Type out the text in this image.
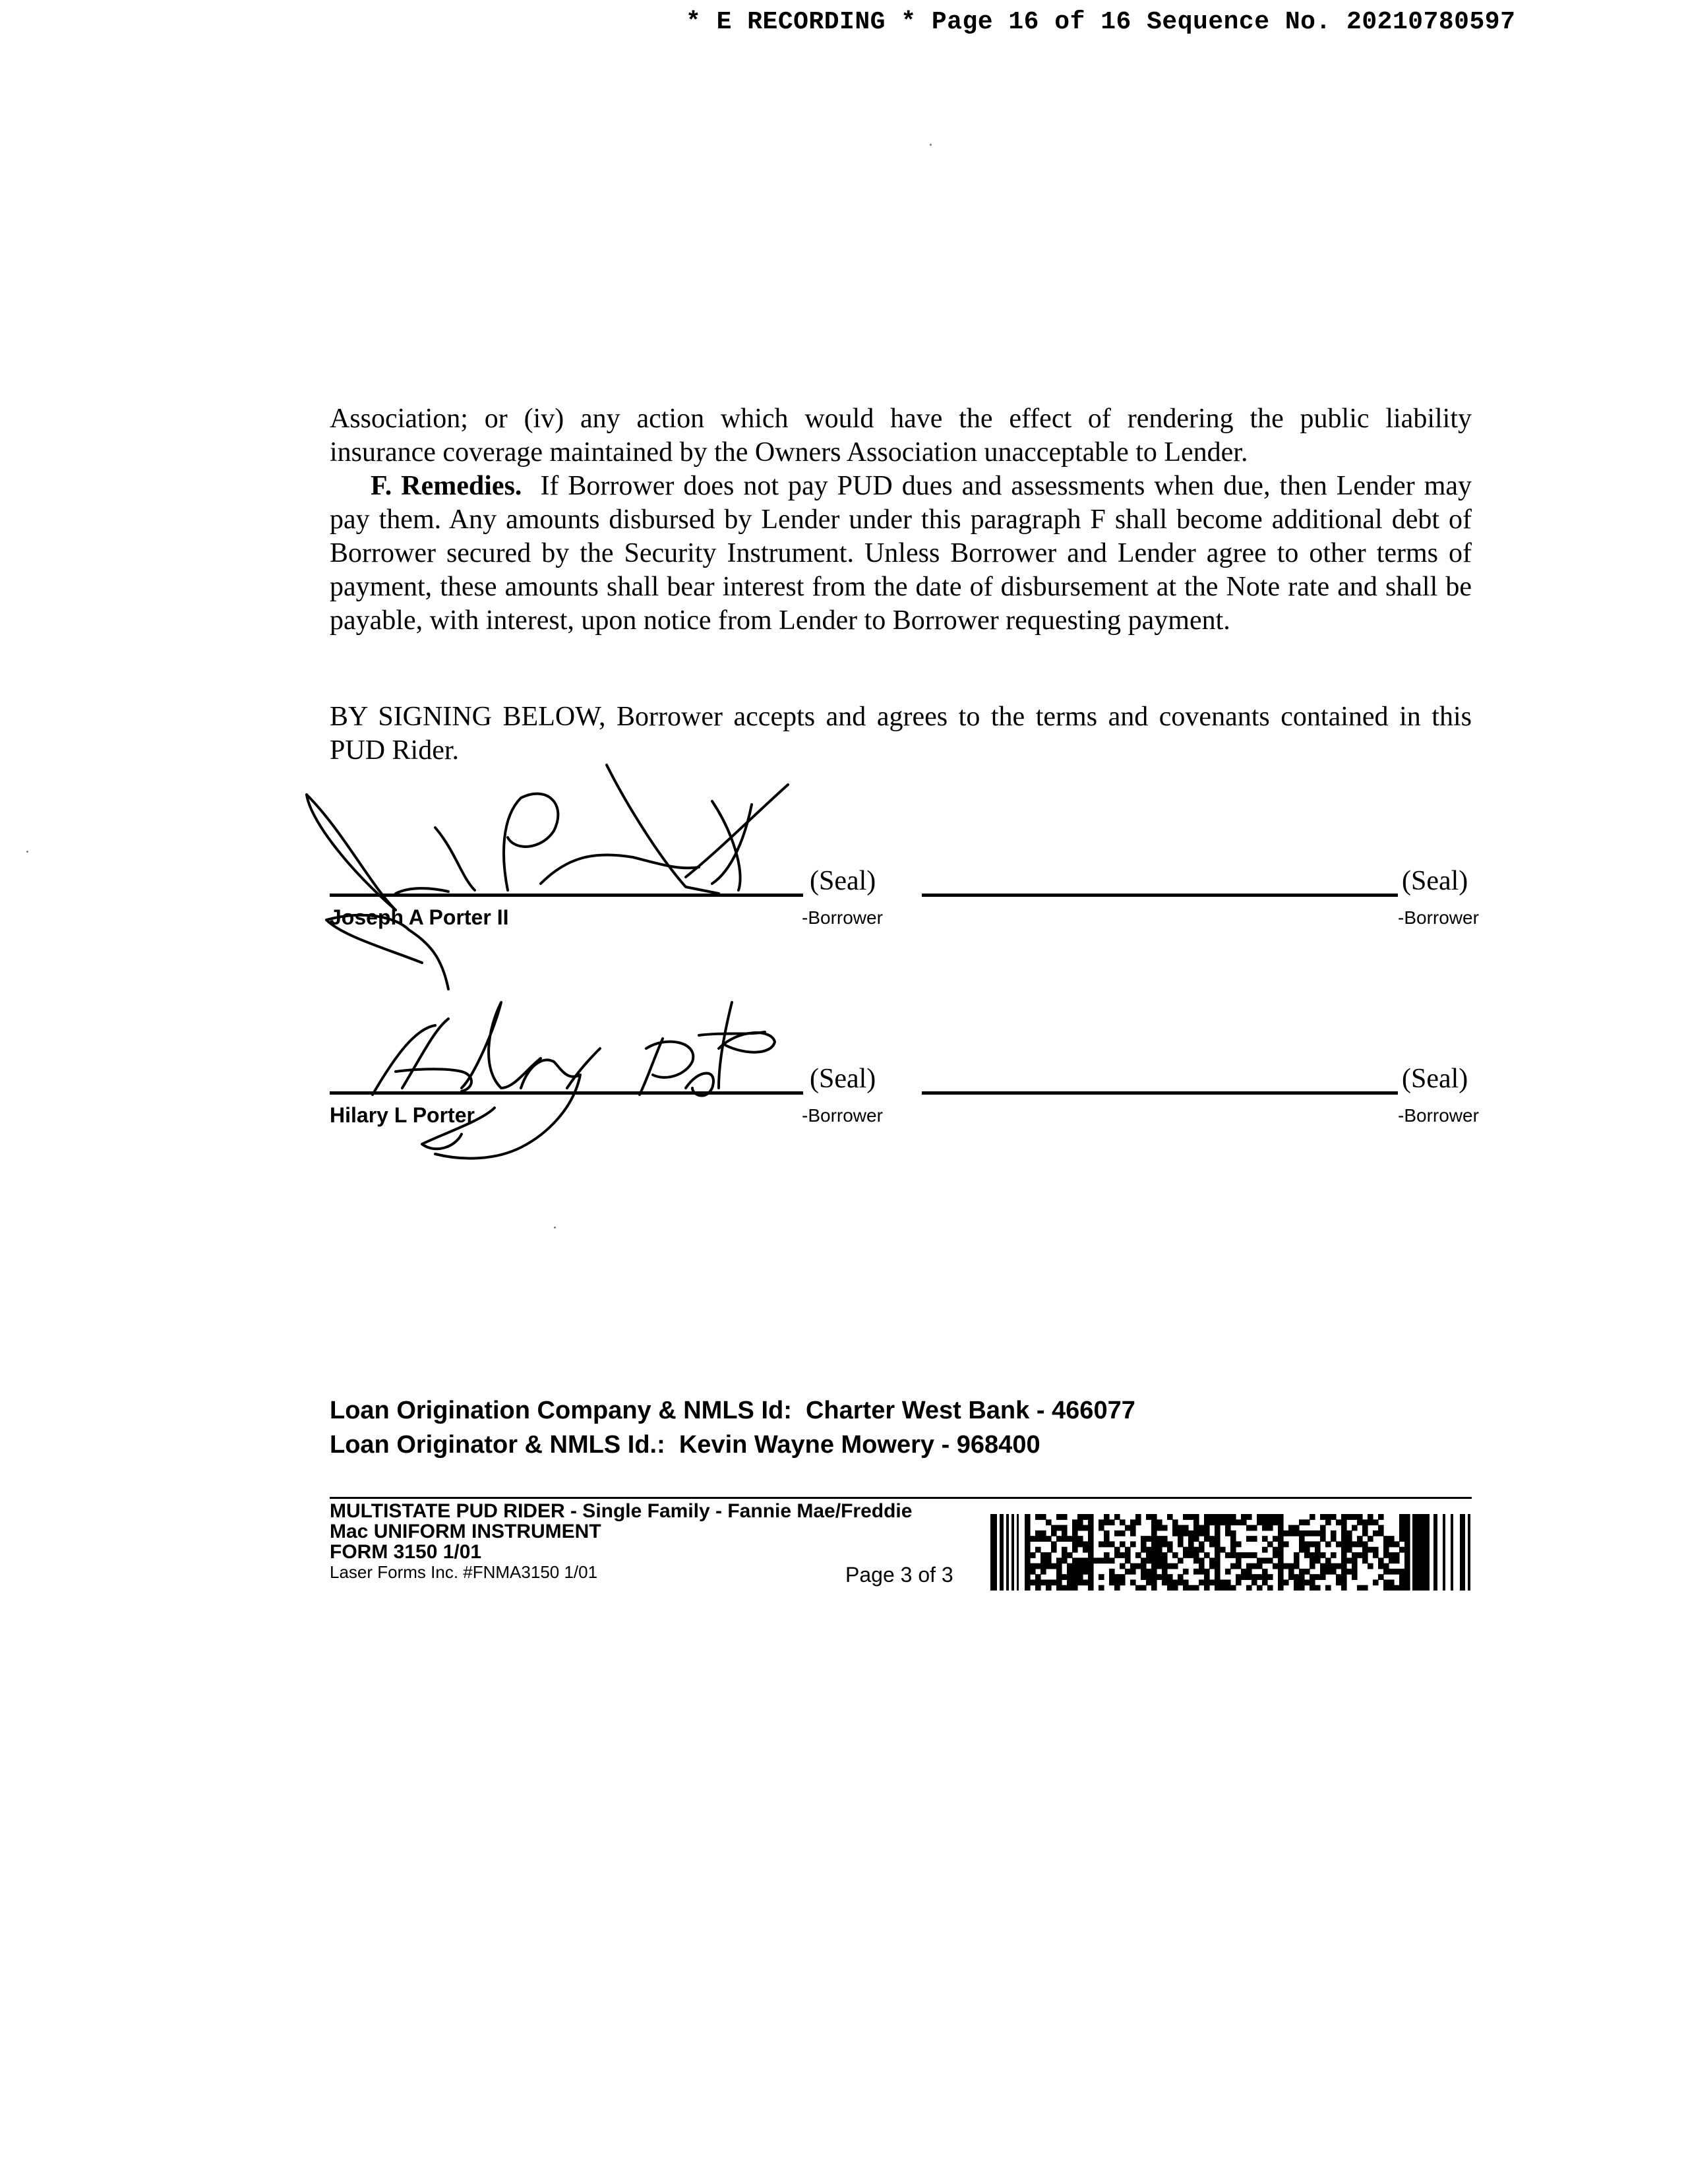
* E RECORDING * Page 16 of 16 Sequence No. 20210780597
Association; or (iv) any action which would have the effect of rendering the public liability
insurance coverage maintained by the Owners Association unacceptable to Lender.
F. Remedies. If Borrower does not pay PUD dues and assessments when due, then Lender may pay them. Any amounts disbursed by Lender under this paragraph F shall become additional debt of Borrower secured by the Security Instrument. Unless Borrower and Lender agree to other terms of payment, these amounts shall bear interest from the date of disbursement at the Note rate and shall be payable, with interest, upon notice from Lender to Borrower requesting payment.
BY SIGNING BELOW, Borrower accepts and agrees to the terms and covenants contained in this PUD Rider.
(Seal)
Joseph A Porter II	-Borrower
(Seal)
-Borrower
(Seal)
Hilary L Porter	-Borrower
(Seal)
-Borrower
Loan Origination Company & NMLS Id:  Charter West Bank - 466077
Loan Originator & NMLS Id.:  Kevin Wayne Mowery - 968400
MULTISTATE PUD RIDER - Single Family - Fannie Mae/Freddie
Mac UNIFORM INSTRUMENT
FORM 3150 1/01
Laser Forms Inc. #FNMA3150 1/01	Page 3 of 3
